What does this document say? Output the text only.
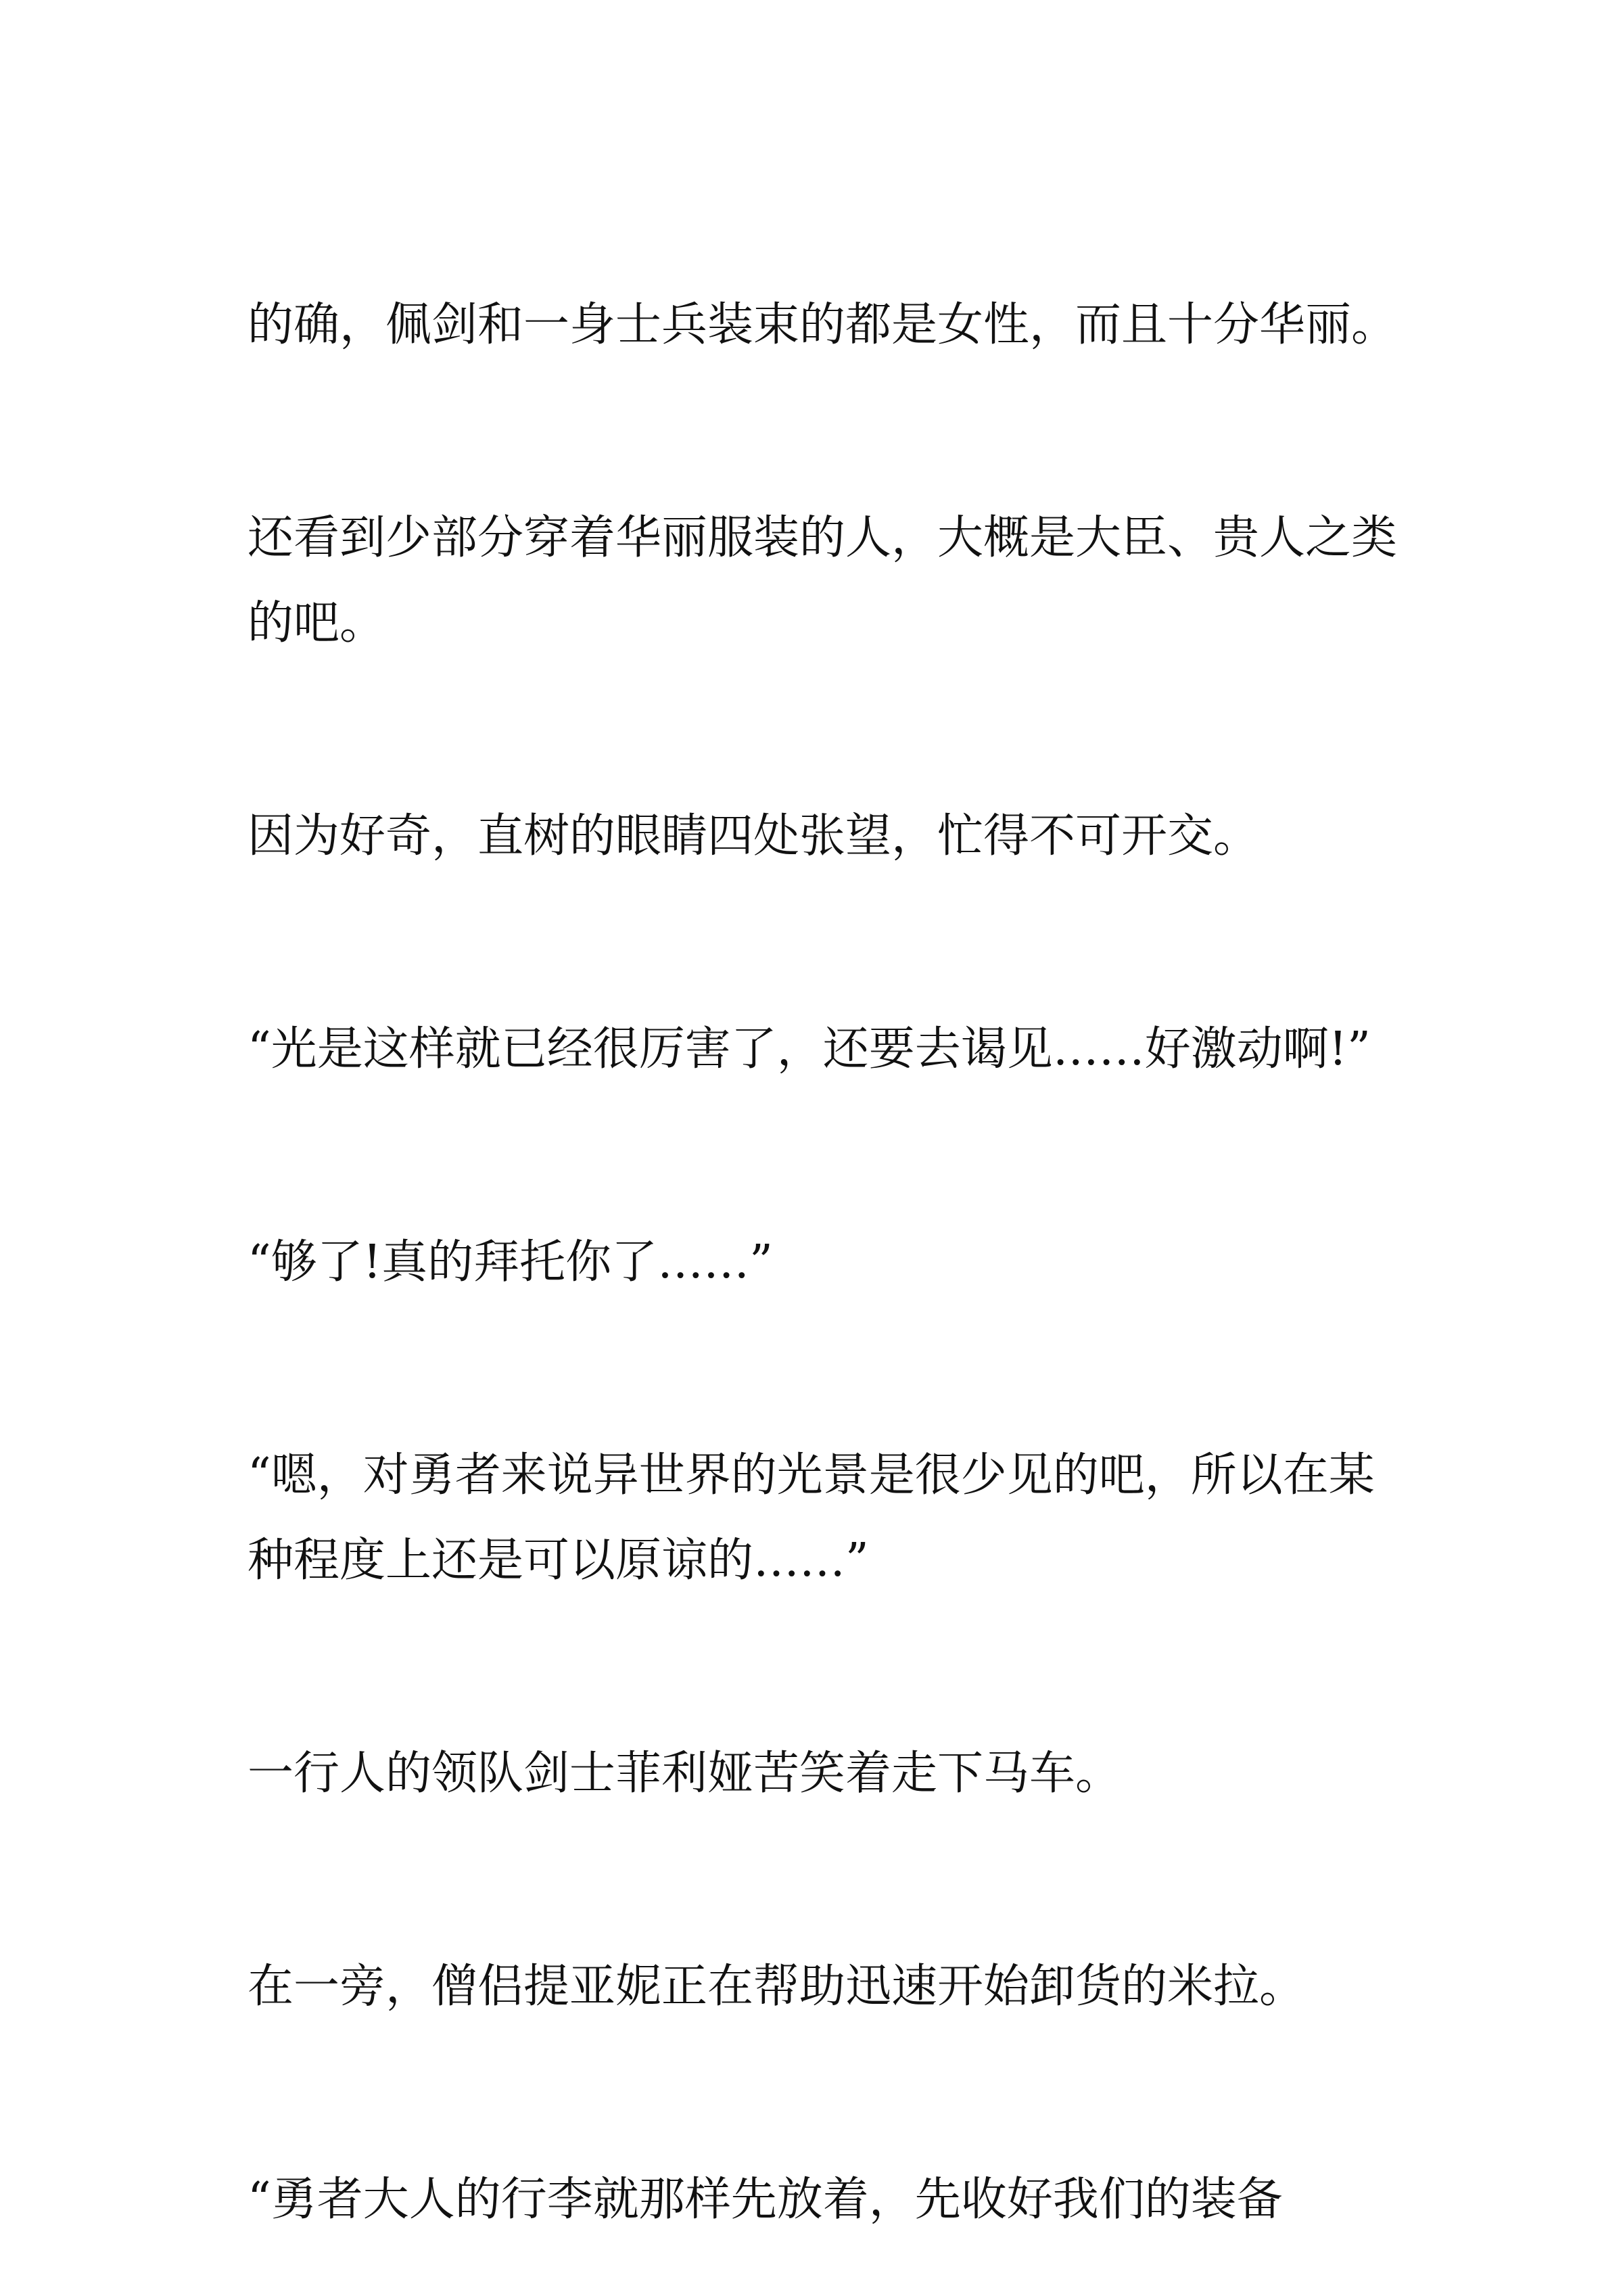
的确，佩剑和一身士兵装束的都是女性，而且十分华丽。

还看到少部分穿着华丽服装的人，大概是大臣、贵人之类的吧。

因为好奇，直树的眼睛四处张望，忙得不可开交。

“光是这样就已经很厉害了，还要去谒见……好激动啊!”

“够了!真的拜托你了……”

“嗯，对勇者来说异世界的光景是很少见的吧，所以在某种程度上还是可以原谅的……”

一行人的领队剑士菲利娅苦笑着走下马车。

在一旁，僧侣提亚妮正在帮助迅速开始卸货的米拉。

“勇者大人的行李就那样先放着，先收好我们的装备
